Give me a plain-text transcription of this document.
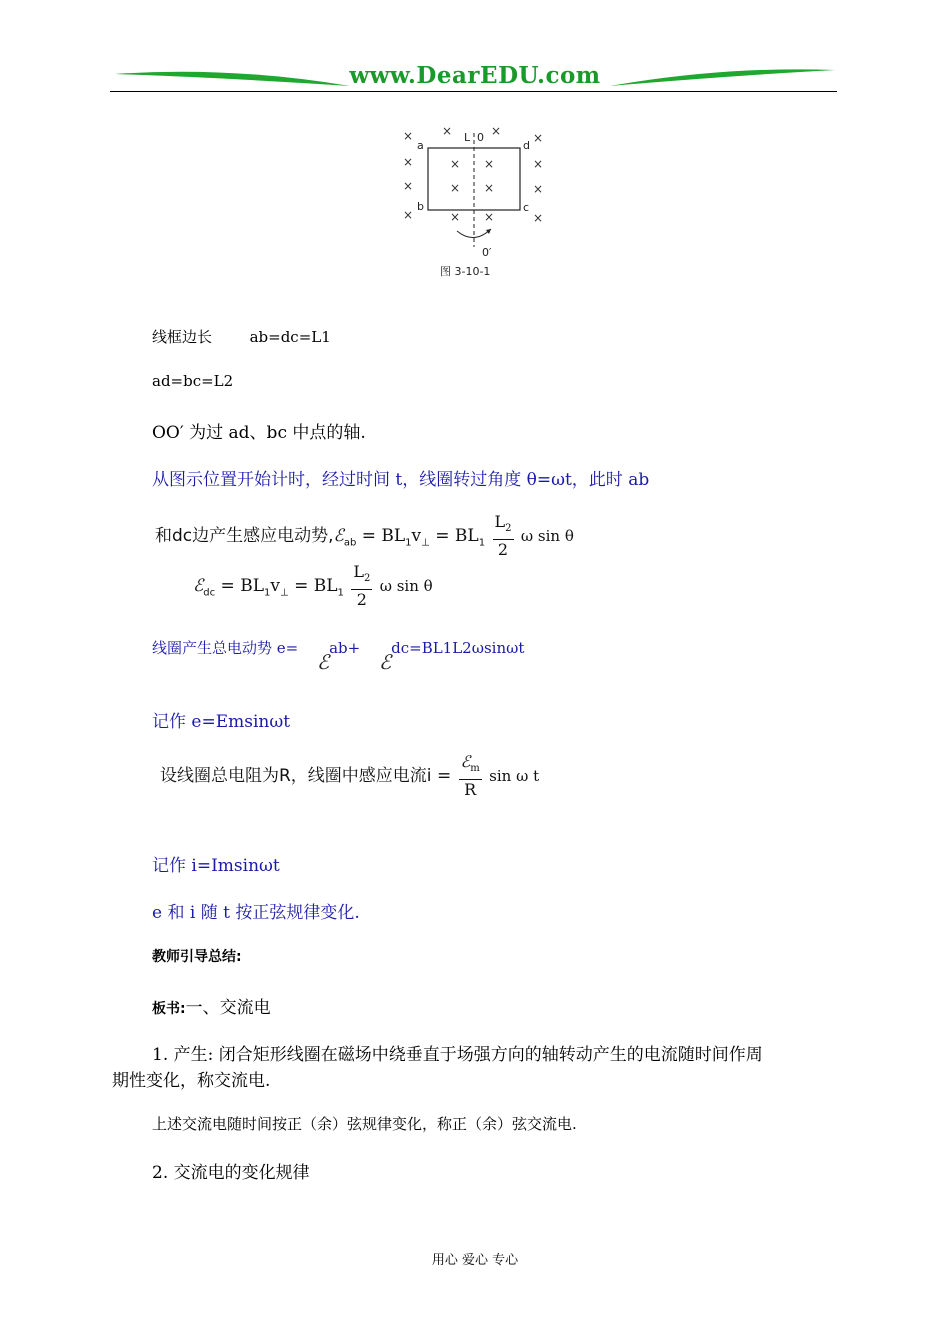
www.DearEDU.com
× ×	×	×
×	×
×	×
×	×
× ×
× ×
× ×
a
b	c
d
L 0
0′
图 3-10-1
线框边长	ab=dc=L1
ad=bc=L2
OO′ 为过 ad、bc 中点的轴.
从图示位置开始计时，经过时间 t，线圈转过角度 θ=ωt，此时 ab
和dc边产生感应电动势,ℰ$_{ab}$ = $BL_1v_\perp = BL_1 \frac{L_2}{2}$ ω sin θ
ℰ$_{dc}$ = $BL_1v_\perp = BL_1 \frac{L_2}{2}$ ω sin θ
线圈产生总电动势 e= ℰab+ ℰdc=BL1L2ωsinωt
记作 e=Emsinωt
设线圈总电阻为R，线圈中感应电流$i = \frac{ℰ_m}{R}$ sin ω t
记作 i=Imsinωt
e 和 i 随 t 按正弦规律变化.
教师引导总结:
板书:一、交流电
1. 产生: 闭合矩形线圈在磁场中绕垂直于场强方向的轴转动产生的电流随时间作周
期性变化，称交流电.
上述交流电随时间按正（余）弦规律变化，称正（余）弦交流电.
2. 交流电的变化规律
用心 爱心 专心
